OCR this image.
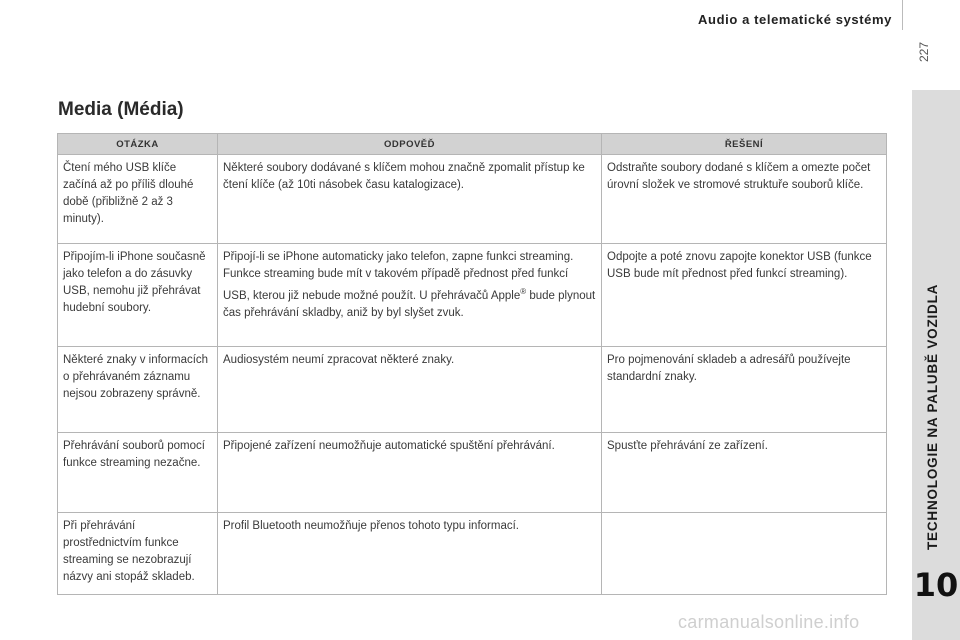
Audio a telematické systémy
227
TECHNOLOGIE NA PALUBĚ VOZIDLA
10
Media (Média)
OTÁZKA	ODPOVĚĎ	ŘEŠENÍ
Čtení mého USB klíče začíná až po příliš dlouhé době (přibližně 2 až 3 minuty).	Některé soubory dodávané s klíčem mohou značně zpomalit přístup ke čtení klíče (až 10ti násobek času katalogizace).	Odstraňte soubory dodané s klíčem a omezte počet úrovní složek ve stromové struktuře souborů klíče.
Připojím-li iPhone současně jako telefon a do zásuvky USB, nemohu již přehrávat hudební soubory.	Připojí-li se iPhone automaticky jako telefon, zapne funkci streaming. Funkce streaming bude mít v takovém případě přednost před funkcí USB, kterou již nebude možné použít. U přehrávačů Apple® bude plynout čas přehrávání skladby, aniž by byl slyšet zvuk.	Odpojte a poté znovu zapojte konektor USB (funkce USB bude mít přednost před funkcí streaming).
Některé znaky v informacích o přehrávaném záznamu nejsou zobrazeny správně.	Audiosystém neumí zpracovat některé znaky.	Pro pojmenování skladeb a adresářů používejte standardní znaky.
Přehrávání souborů pomocí funkce streaming nezačne.	Připojené zařízení neumožňuje automatické spuštění přehrávání.	Spusťte přehrávání ze zařízení.
Při přehrávání prostřednictvím funkce streaming se nezobrazují názvy ani stopáž skladeb.	Profil Bluetooth neumožňuje přenos tohoto typu informací.	
carmanualsonline.info
